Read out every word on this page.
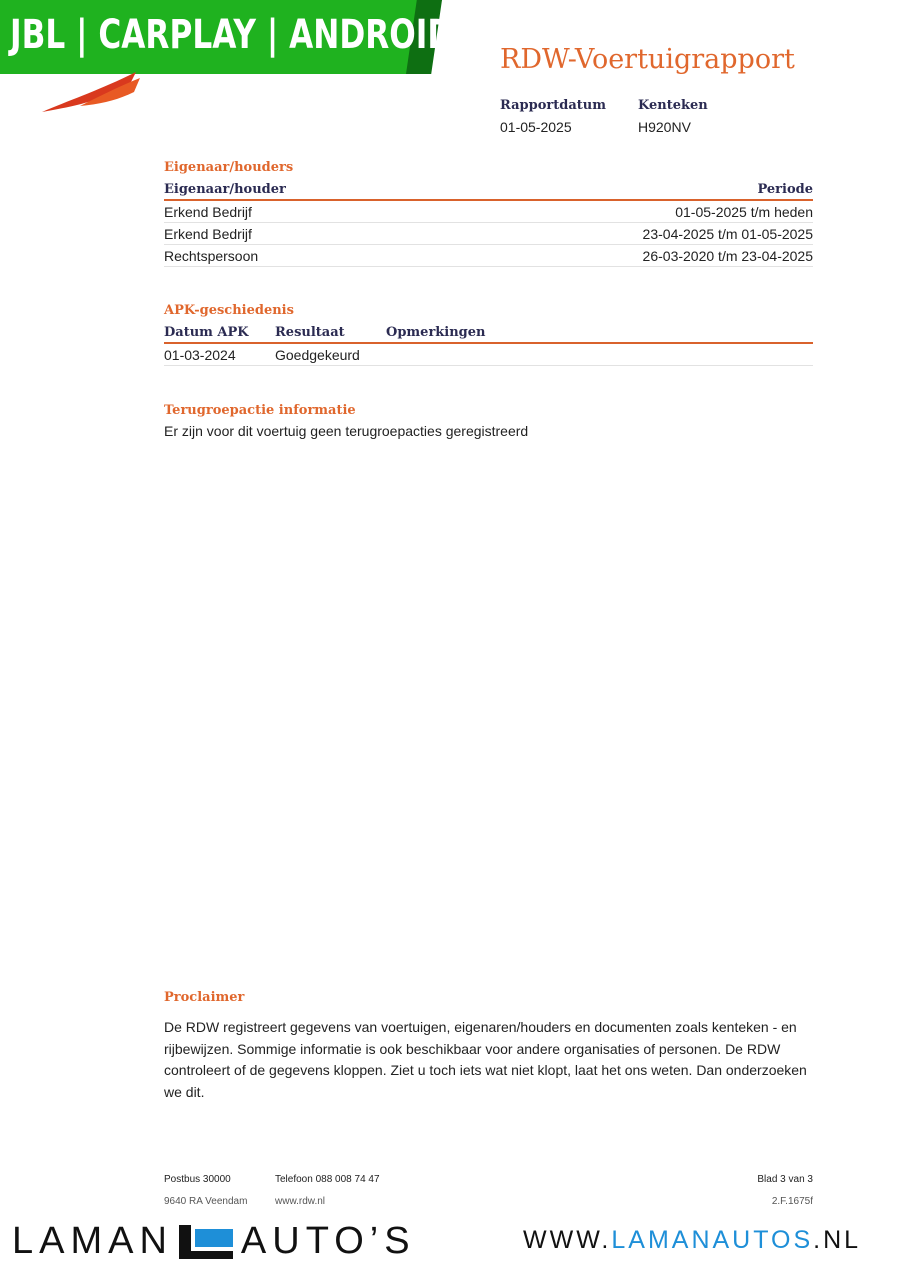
JBL | CARPLAY | ANDROID
RDW-Voertuigrapport
Rapportdatum
01-05-2025
Kenteken
H920NV
Eigenaar/houders
Eigenaar/houder	Periode
Erkend Bedrijf	01-05-2025 t/m heden
Erkend Bedrijf	23-04-2025 t/m 01-05-2025
Rechtspersoon	26-03-2020 t/m 23-04-2025
APK-geschiedenis
Datum APK	Resultaat	Opmerkingen
01-03-2024	Goedgekeurd
Terugroepactie informatie
Er zijn voor dit voertuig geen terugroepacties geregistreerd
Proclaimer
De RDW registreert gegevens van voertuigen, eigenaren/houders en documenten zoals kenteken - en
rijbewijzen. Sommige informatie is ook beschikbaar voor andere organisaties of personen. De RDW
controleert of de gegevens kloppen. Ziet u toch iets wat niet klopt, laat het ons weten. Dan onderzoeken
we dit.
Postbus 30000	Telefoon 088 008 74 47	Blad 3 van 3
9640 RA Veendam	www.rdw.nl	2.F.1675f
LAMAN AUTO’S	WWW.LAMANAUTOS.NL
